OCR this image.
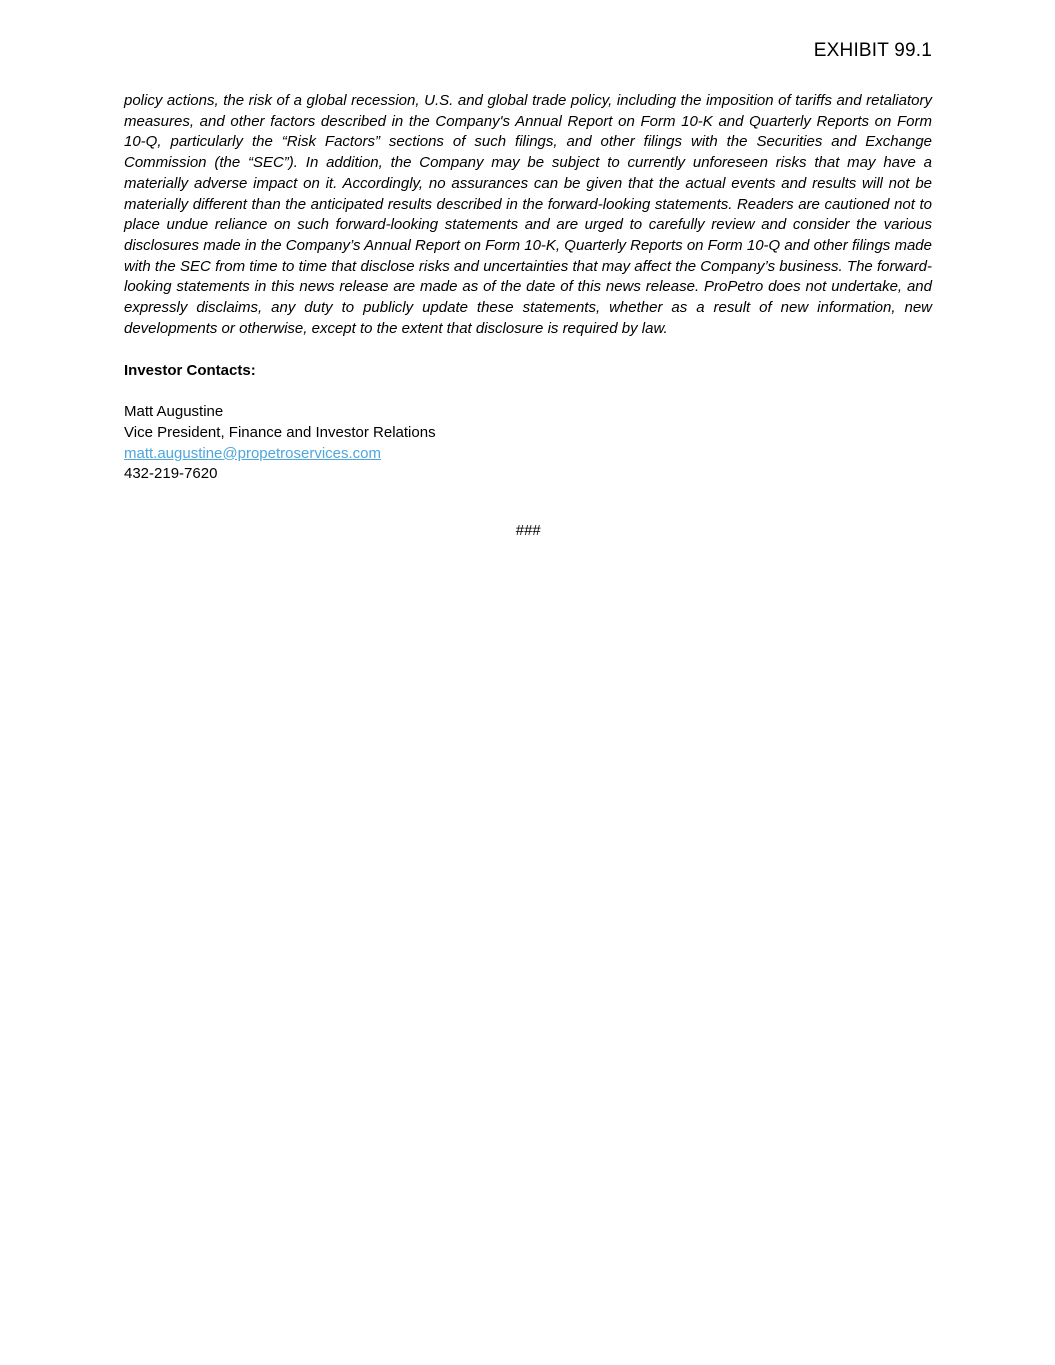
EXHIBIT 99.1

policy actions, the risk of a global recession, U.S. and global trade policy, including the imposition of tariffs and retaliatory measures, and other factors described in the Company's Annual Report on Form 10-K and Quarterly Reports on Form 10-Q, particularly the “Risk Factors” sections of such filings, and other filings with the Securities and Exchange Commission (the “SEC”). In addition, the Company may be subject to currently unforeseen risks that may have a materially adverse impact on it. Accordingly, no assurances can be given that the actual events and results will not be materially different than the anticipated results described in the forward-looking statements. Readers are cautioned not to place undue reliance on such forward-looking statements and are urged to carefully review and consider the various disclosures made in the Company’s Annual Report on Form 10-K, Quarterly Reports on Form 10-Q and other filings made with the SEC from time to time that disclose risks and uncertainties that may affect the Company’s business. The forward-looking statements in this news release are made as of the date of this news release. ProPetro does not undertake, and expressly disclaims, any duty to publicly update these statements, whether as a result of new information, new developments or otherwise, except to the extent that disclosure is required by law.

Investor Contacts:

Matt Augustine
Vice President, Finance and Investor Relations
matt.augustine@propetroservices.com
432-219-7620
###
